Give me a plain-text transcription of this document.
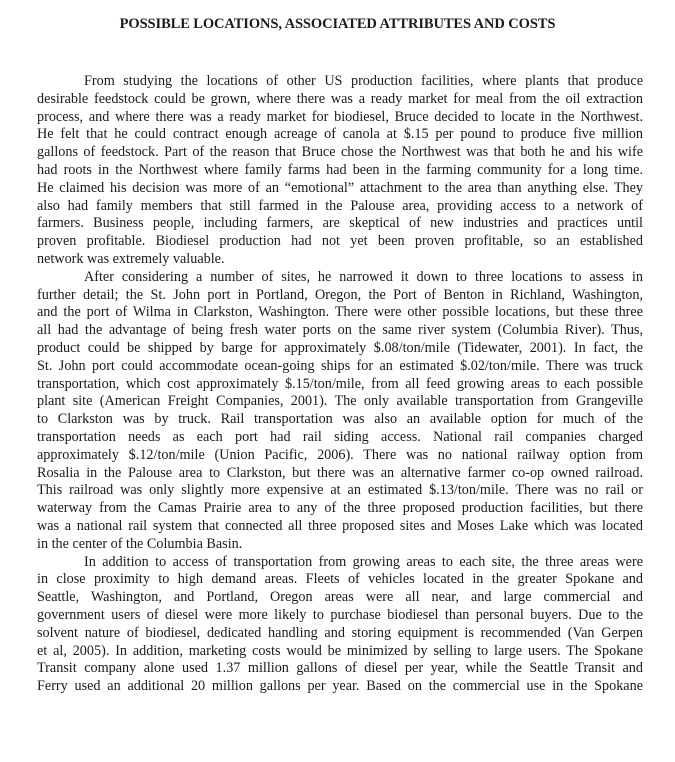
POSSIBLE LOCATIONS, ASSOCIATED ATTRIBUTES AND COSTS
From studying the locations of other US production facilities, where plants that produce
desirable feedstock could be grown, where there was a ready market for meal from the oil extraction
process, and where there was a ready market for biodiesel, Bruce decided to locate in the Northwest.
He felt that he could contract enough acreage of canola at $.15 per pound to produce five million
gallons of feedstock. Part of the reason that Bruce chose the Northwest was that both he and his wife
had roots in the Northwest where family farms had been in the farming community for a long time.
He claimed his decision was more of an “emotional” attachment to the area than anything else. They
also had family members that still farmed in the Palouse area, providing access to a network of
farmers. Business people, including farmers, are skeptical of new industries and practices until
proven profitable. Biodiesel production had not yet been proven profitable, so an established
network was extremely valuable.
After considering a number of sites, he narrowed it down to three locations to assess in
further detail; the St. John port in Portland, Oregon, the Port of Benton in Richland, Washington,
and the port of Wilma in Clarkston, Washington. There were other possible locations, but these three
all had the advantage of being fresh water ports on the same river system (Columbia River). Thus,
product could be shipped by barge for approximately $.08/ton/mile (Tidewater, 2001). In fact, the
St. John port could accommodate ocean-going ships for an estimated $.02/ton/mile. There was truck
transportation, which cost approximately $.15/ton/mile, from all feed growing areas to each possible
plant site (American Freight Companies, 2001). The only available transportation from Grangeville
to Clarkston was by truck. Rail transportation was also an available option for much of the
transportation needs as each port had rail siding access. National rail companies charged
approximately $.12/ton/mile (Union Pacific, 2006). There was no national railway option from
Rosalia in the Palouse area to Clarkston, but there was an alternative farmer co-op owned railroad.
This railroad was only slightly more expensive at an estimated $.13/ton/mile. There was no rail or
waterway from the Camas Prairie area to any of the three proposed production facilities, but there
was a national rail system that connected all three proposed sites and Moses Lake which was located
in the center of the Columbia Basin.
In addition to access of transportation from growing areas to each site, the three areas were
in close proximity to high demand areas. Fleets of vehicles located in the greater Spokane and
Seattle, Washington, and Portland, Oregon areas were all near, and large commercial and
government users of diesel were more likely to purchase biodiesel than personal buyers. Due to the
solvent nature of biodiesel, dedicated handling and storing equipment is recommended (Van Gerpen
et al, 2005). In addition, marketing costs would be minimized by selling to large users. The Spokane
Transit company alone used 1.37 million gallons of diesel per year, while the Seattle Transit and
Ferry used an additional 20 million gallons per year. Based on the commercial use in the Spokane
